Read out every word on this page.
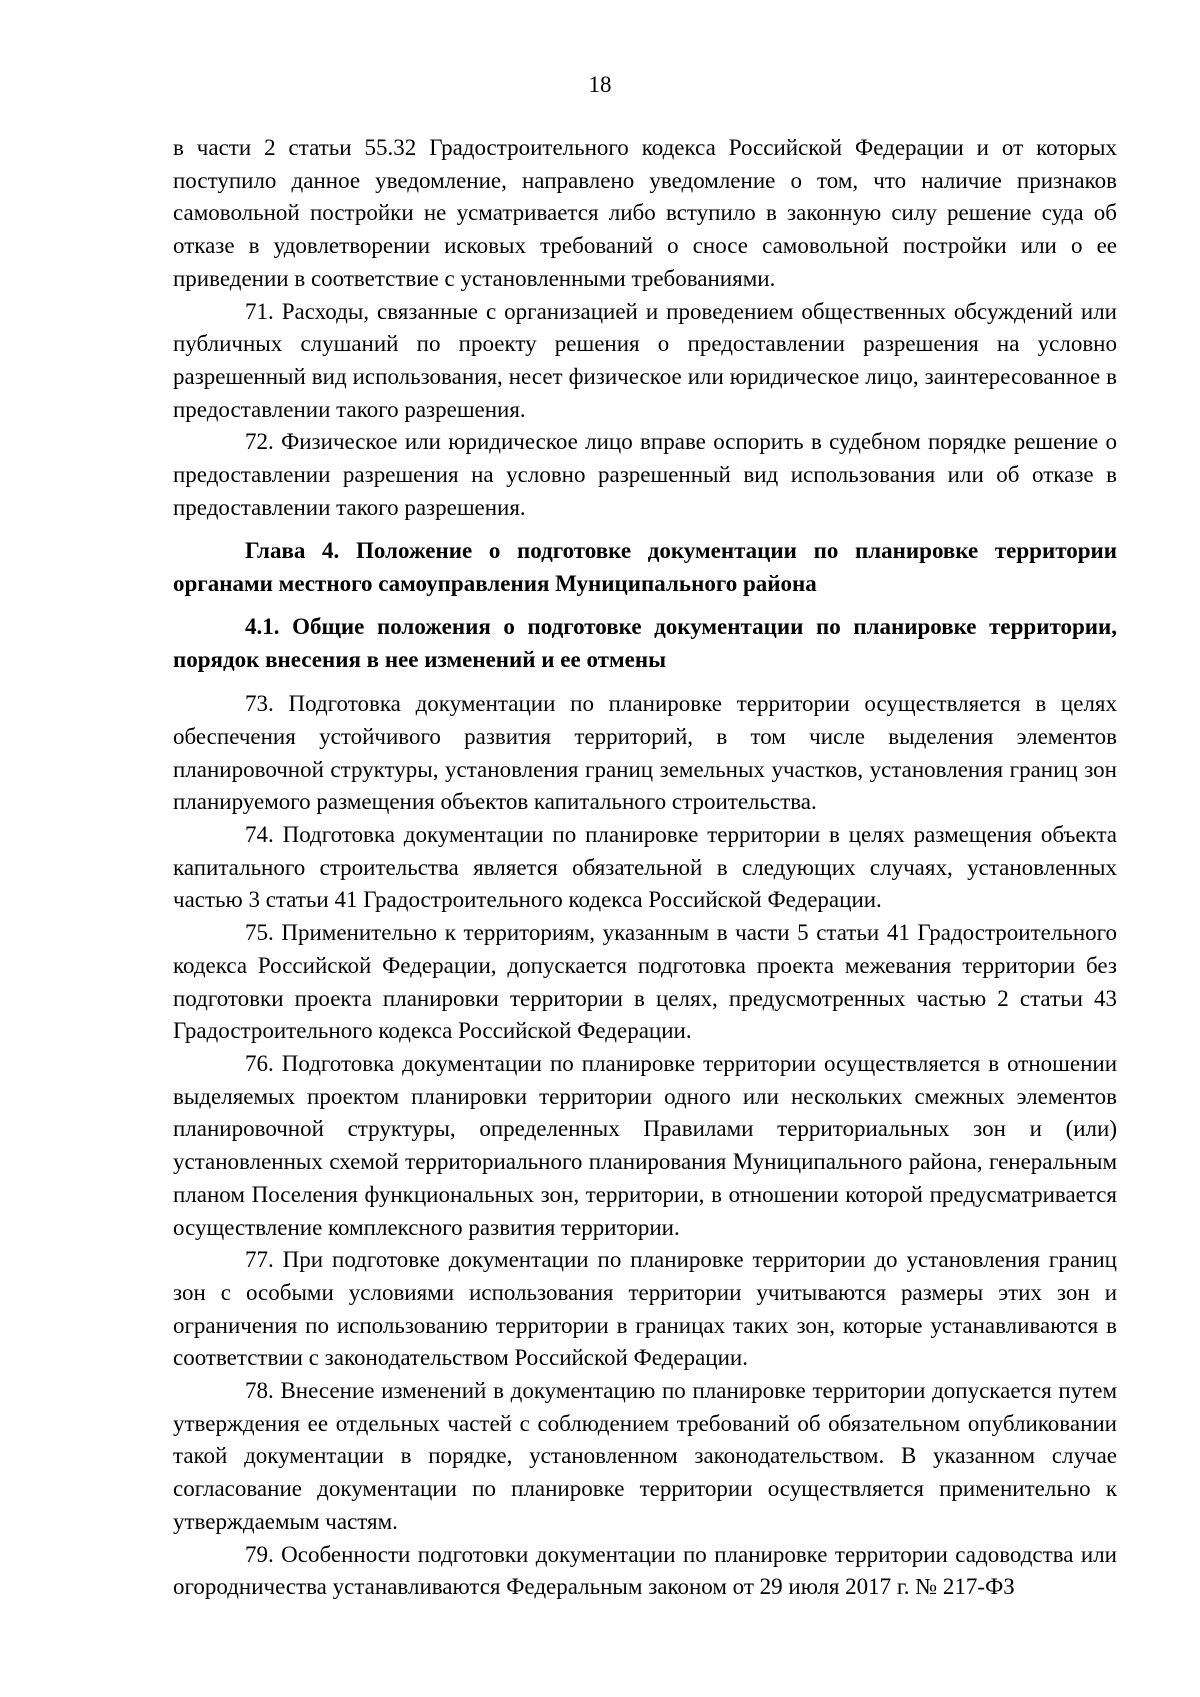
18

в части 2 статьи 55.32 Градостроительного кодекса Российской Федерации и от которых поступило данное уведомление, направлено уведомление о том, что наличие признаков самовольной постройки не усматривается либо вступило в законную силу решение суда об отказе в удовлетворении исковых требований о сносе самовольной постройки или о ее приведении в соответствие с установленными требованиями.

71. Расходы, связанные с организацией и проведением общественных обсуждений или публичных слушаний по проекту решения о предоставлении разрешения на условно разрешенный вид использования, несет физическое или юридическое лицо, заинтересованное в предоставлении такого разрешения.

72. Физическое или юридическое лицо вправе оспорить в судебном порядке решение о предоставлении разрешения на условно разрешенный вид использования или об отказе в предоставлении такого разрешения.

Глава 4. Положение о подготовке документации по планировке территории органами местного самоуправления Муниципального района

4.1. Общие положения о подготовке документации по планировке территории, порядок внесения в нее изменений и ее отмены

73. Подготовка документации по планировке территории осуществляется в целях обеспечения устойчивого развития территорий, в том числе выделения элементов планировочной структуры, установления границ земельных участков, установления границ зон планируемого размещения объектов капитального строительства.

74. Подготовка документации по планировке территории в целях размещения объекта капитального строительства является обязательной в следующих случаях, установленных частью 3 статьи 41 Градостроительного кодекса Российской Федерации.

75. Применительно к территориям, указанным в части 5 статьи 41 Градостроительного кодекса Российской Федерации, допускается подготовка проекта межевания территории без подготовки проекта планировки территории в целях, предусмотренных частью 2 статьи 43 Градостроительного кодекса Российской Федерации.

76. Подготовка документации по планировке территории осуществляется в отношении выделяемых проектом планировки территории одного или нескольких смежных элементов планировочной структуры, определенных Правилами территориальных зон и (или) установленных схемой территориального планирования Муниципального района, генеральным планом Поселения функциональных зон, территории, в отношении которой предусматривается осуществление комплексного развития территории.

77. При подготовке документации по планировке территории до установления границ зон с особыми условиями использования территории учитываются размеры этих зон и ограничения по использованию территории в границах таких зон, которые устанавливаются в соответствии с законодательством Российской Федерации.

78. Внесение изменений в документацию по планировке территории допускается путем утверждения ее отдельных частей с соблюдением требований об обязательном опубликовании такой документации в порядке, установленном законодательством. В указанном случае согласование документации по планировке территории осуществляется применительно к утверждаемым частям.

79. Особенности подготовки документации по планировке территории садоводства или огородничества устанавливаются Федеральным законом от 29 июля 2017 г. № 217-ФЗ
